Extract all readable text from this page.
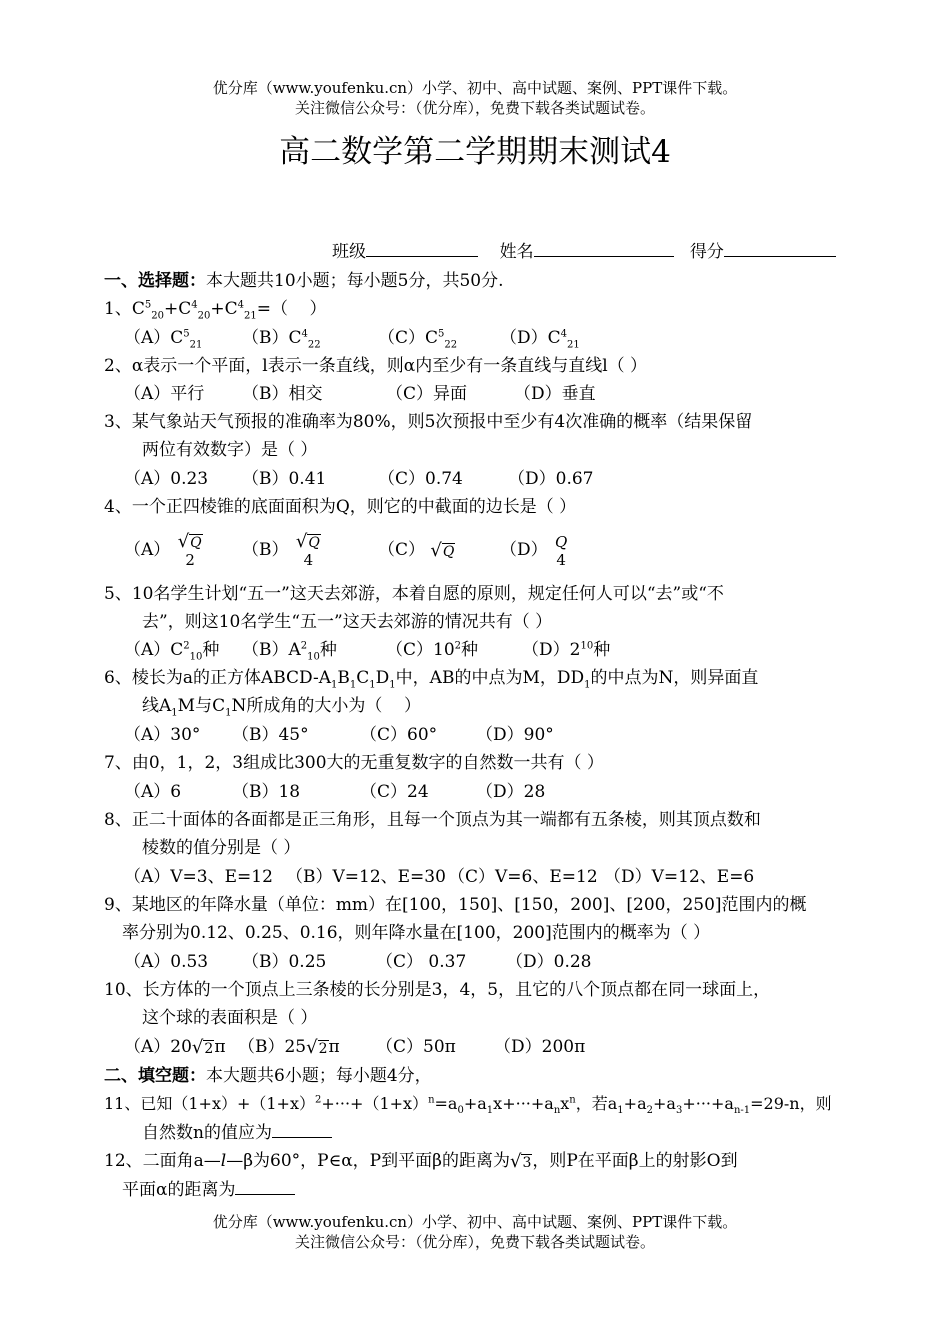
优分库（www.youfenku.cn）小学、初中、高中试题、案例、PPT课件下载。
关注微信公众号：（优分库），免费下载各类试题试卷。
高二数学第二学期期末测试4
班级	姓名	得分
一、选择题：本大题共10小题；每小题5分，共50分.
1、$C^5_{20}+C^4_{20}+C^4_{21}=$（    ）
$(A)C^5_{21}$ $(B)C^4_{22}$	$(C)C^5_{22}$	$(D)C^4_{21}$
2、α表示一个平面，l表示一条直线，则α内至少有一条直线与直线l（ ）
（A）平行 （B）相交	（C）异面	（D）垂直
3、某气象站天气预报的准确率为80%，则5次预报中至少有4次准确的概率（结果保留
两位有效数字）是（ ）
（A）0.23 （B）0.41	（C）0.74	（D）0.67
4、一个正四棱锥的底面面积为Q，则它的中截面的边长是（ ）
（A） √ Q
2	（B） √ Q
4	（C） √ Q	（D） Q
4
5、10名学生计划“五一”这天去郊游，本着自愿的原则，规定任何人可以“去”或“不
去”，则这10名学生“五一”这天去郊游的情况共有（ ）
$(A)C^2_{10}$种 $(B)A^2_{10}$种	$(C)10^2$种	$(D)2^{10}$种
6、棱长为a的正方体ABCD-$A_1B_1C_1D_1$中，AB的中点为M，$DD_1$的中点为N，则异面直
线$A_1M$与$C_1N$所成角的大小为（    ）
（A）30° （B）45°	（C）60° （D）90°
7、由0，1，2，3组成比300大的无重复数字的自然数一共有（ ）
（A）6	（B）18	（C）24	（D）28
8、正二十面体的各面都是正三角形，且每一个顶点为其一端都有五条棱，则其顶点数和
棱数的值分别是（ ）
（A）V=3、E=12 （B）V=12、E=30 （C）V=6、E=12 （D）V=12、E=6
9、某地区的年降水量（单位：mm）在[100，150]、[150，200]、[200，250]范围内的概
率分别为0.12、0.25、0.16，则年降水量在[100，200]范围内的概率为（ ）
（A）0.53 （B）0.25	（C） 0.37 （D）0.28
10、长方体的一个顶点上三条棱的长分别是3，4，5，且它的八个顶点都在同一球面上，
这个球的表面积是（ ）
（A）20 √ 2 π （B）25 √ 2 π （C）50π （D）200π
二、填空题：本大题共6小题；每小题4分，
11、已知$(1+x)+(1+x)^2+\cdot\cdot\cdot+(1+x)^n=a_0+a_1x+\cdot\cdot\cdot+a_nx^n$，若$a_1+a_2+a_3+\cdot\cdot\cdot+a_{n-1}=29-n$，则
自然数n的值应为
12、二面角a—l—β为60°，P∈α，P到平面β的距离为 √ 3 ，则P在平面β上的射影O到
平面α的距离为
优分库（www.youfenku.cn）小学、初中、高中试题、案例、PPT课件下载。
关注微信公众号：（优分库），免费下载各类试题试卷。
